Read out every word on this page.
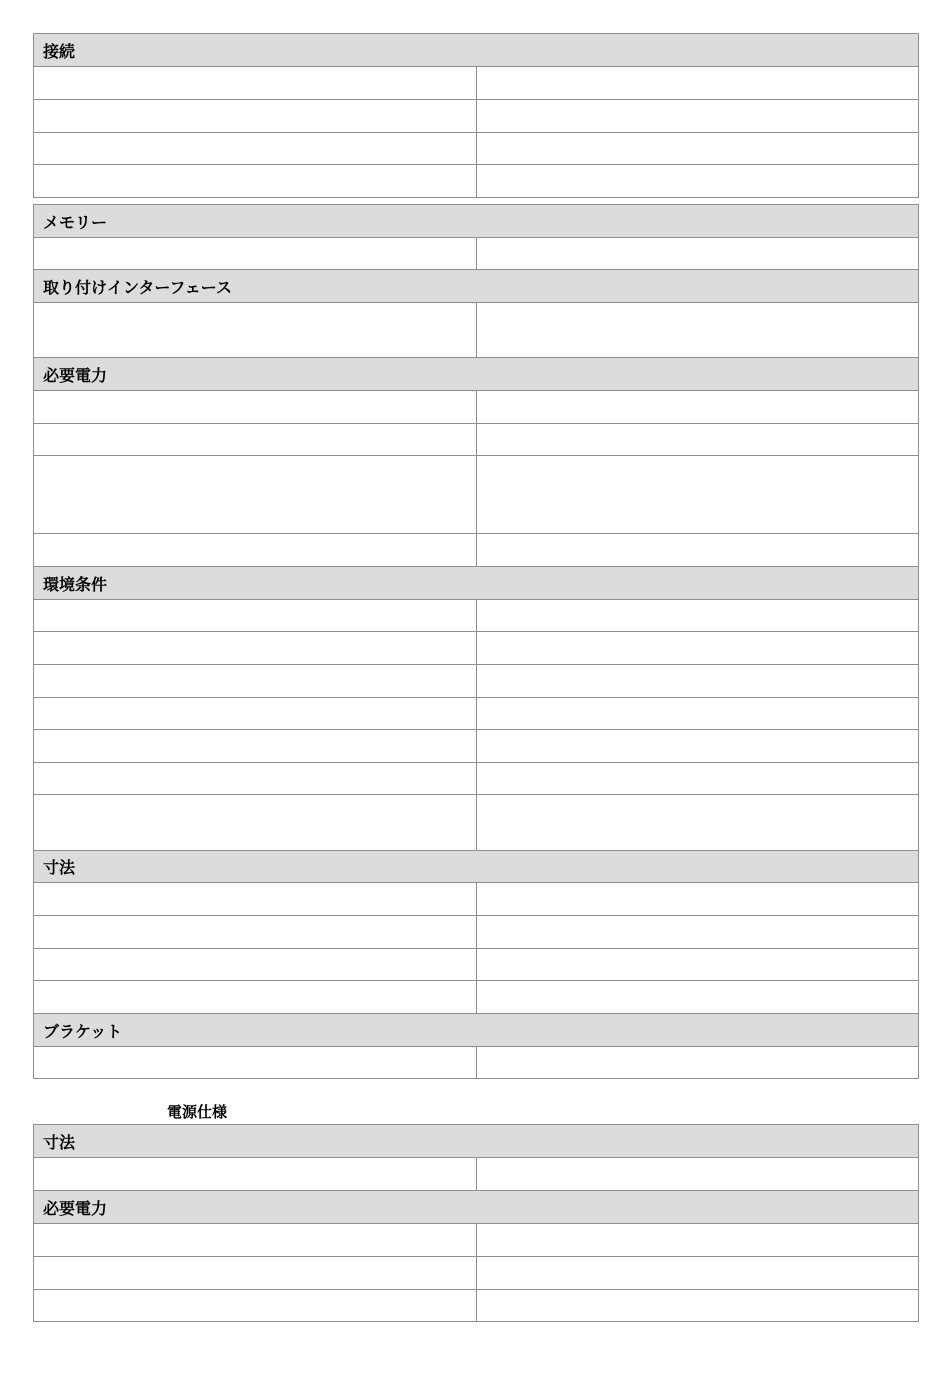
接続	

メモリー	

取り付けインターフェース	

必要電力	

環境条件	

寸法	

ブラケット	

電源仕様
寸法	

必要電力	
